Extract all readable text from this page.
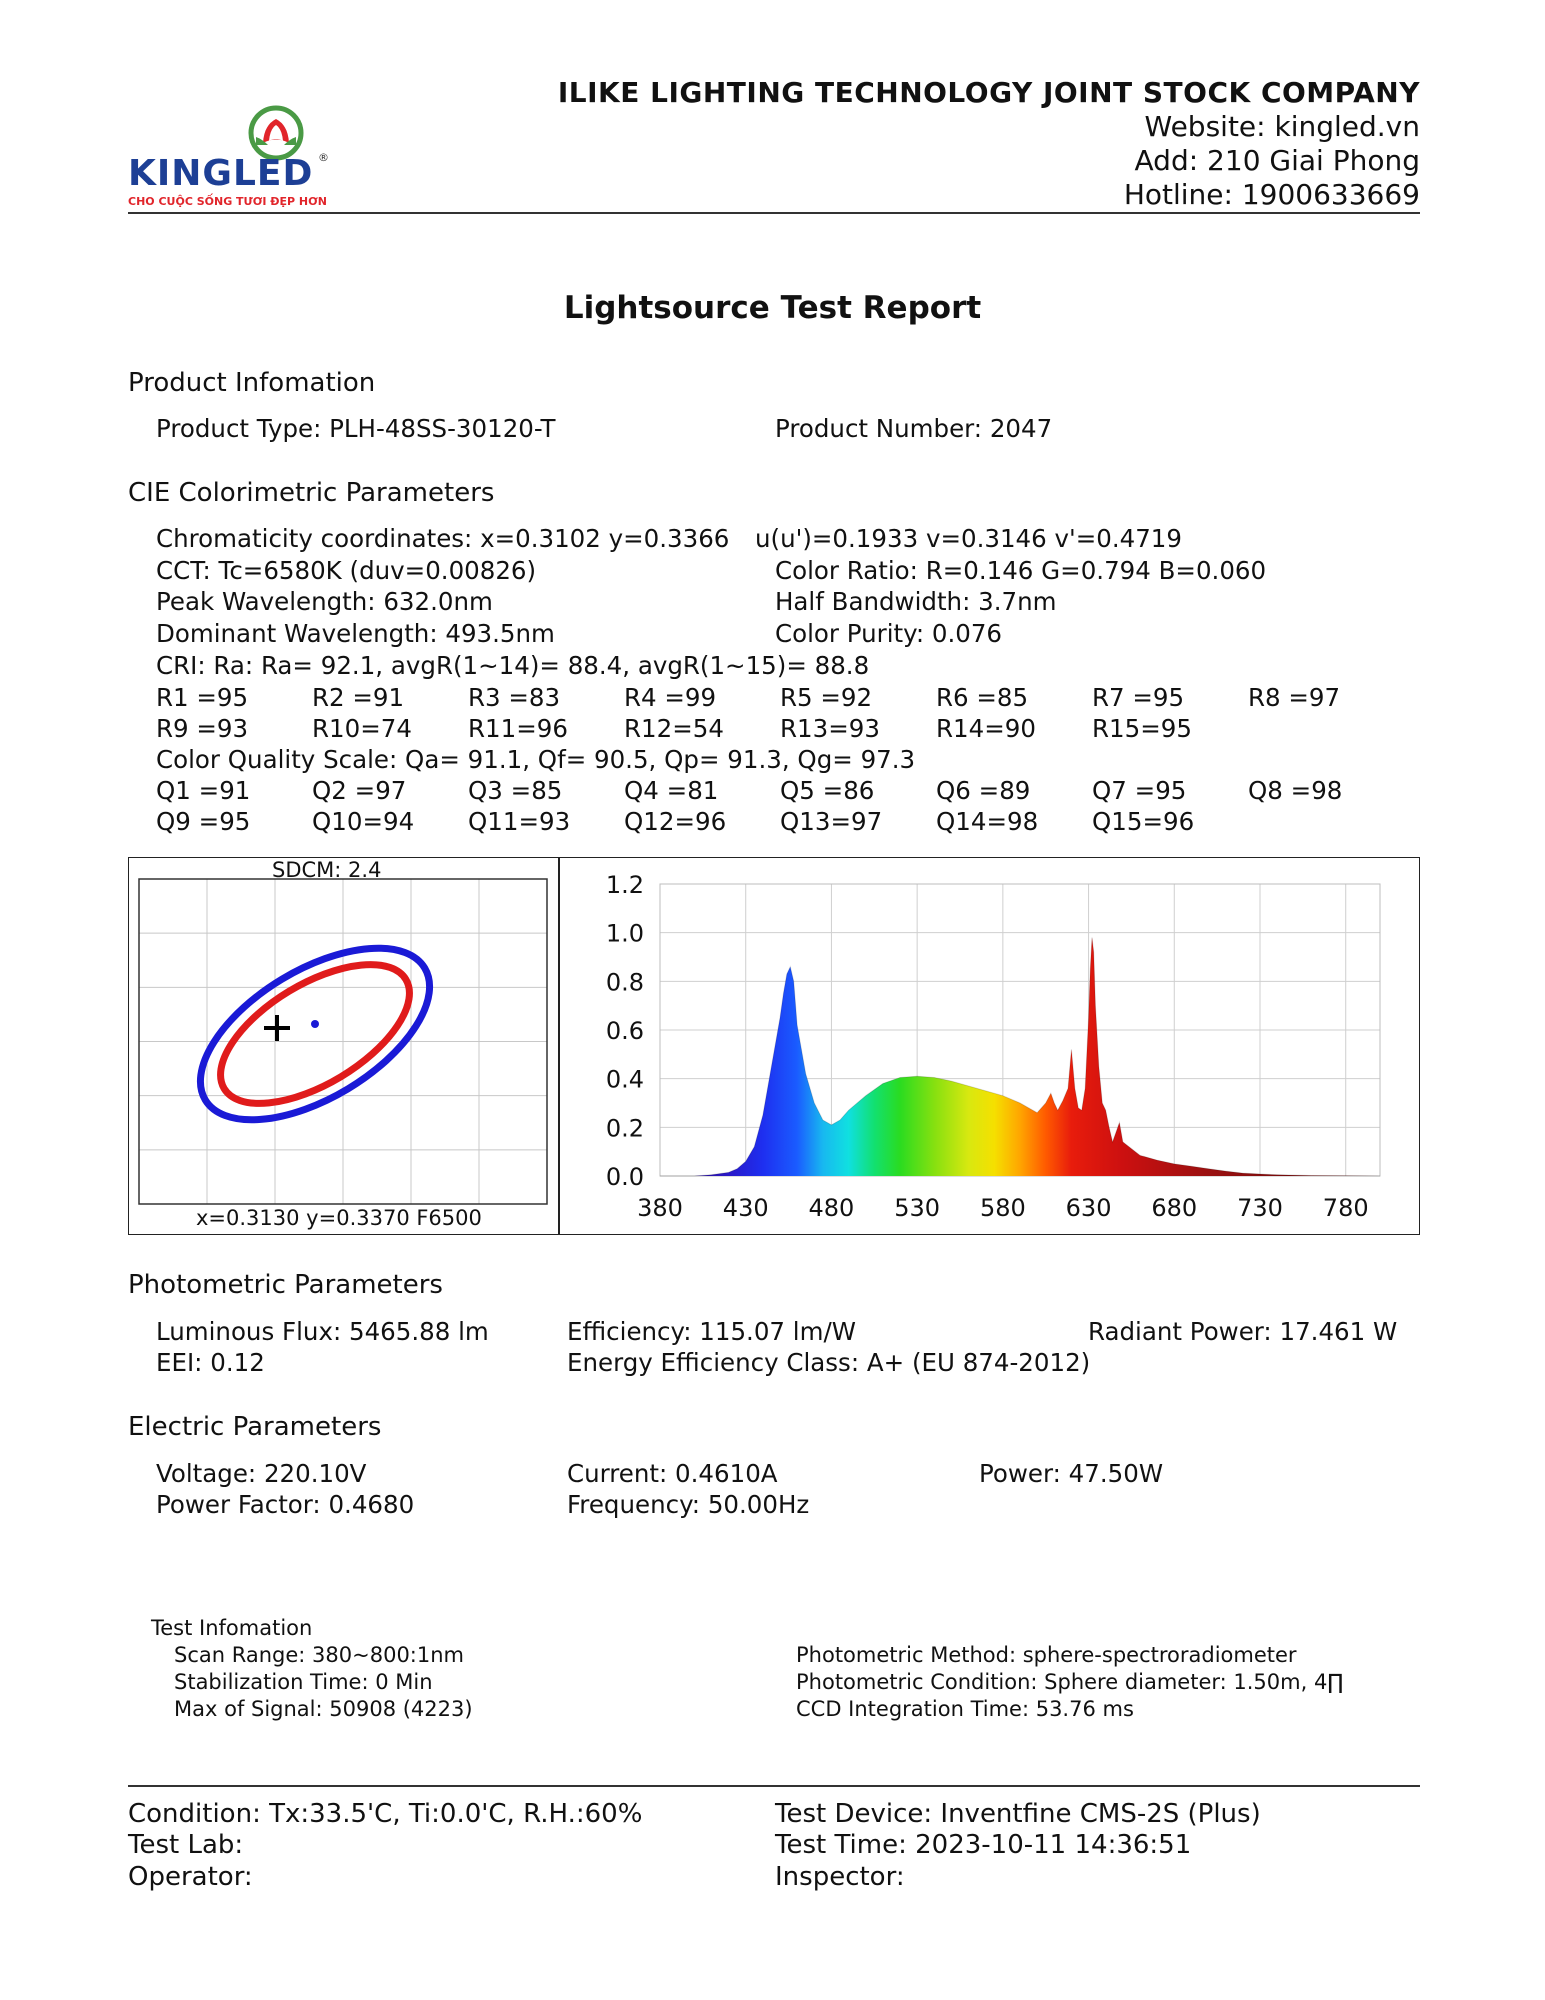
KINGLED ®
CHO CUỘC SỐNG TƯƠI ĐẸP HƠN
ILIKE LIGHTING TECHNOLOGY JOINT STOCK COMPANY
Website: kingled.vn
Add: 210 Giai Phong
Hotline: 1900633669
Lightsource Test Report
Product Infomation
Product Type: PLH-48SS-30120-T	Product Number: 2047
CIE Colorimetric Parameters
Chromaticity coordinates: x=0.3102 y=0.3366 u(u')=0.1933 v=0.3146 v'=0.4719
CCT: Tc=6580K (duv=0.00826)	Color Ratio: R=0.146 G=0.794 B=0.060
Peak Wavelength: 632.0nm	Half Bandwidth: 3.7nm
Dominant Wavelength: 493.5nm	Color Purity: 0.076
CRI: Ra: Ra= 92.1, avgR(1~14)= 88.4, avgR(1~15)= 88.8
R1 =95	R2 =91	R3 =83	R4 =99	R5 =92	R6 =85	R7 =95	R8 =97
R9 =93	R10=74 R11=96 R12=54 R13=93 R14=90 R15=95
Color Quality Scale: Qa= 91.1, Qf= 90.5, Qp= 91.3, Qg= 97.3
Q1 =91	Q2 =97	Q3 =85	Q4 =81	Q5 =86	Q6 =89	Q7 =95	Q8 =98
Q9 =95	Q10=94 Q11=93 Q12=96 Q13=97 Q14=98 Q15=96
SDCM: 2.4
x=0.3130 y=0.3370 F6500	380 430 480 530 580 630 680 730 780
1.2
1.0
0.8
0.6
0.4
0.2
0.0
Photometric Parameters
Luminous Flux: 5465.88 lm	Efficiency: 115.07 lm/W	Radiant Power: 17.461 W
EEI: 0.12	Energy Efficiency Class: A+ (EU 874-2012)
Electric Parameters
Voltage: 220.10V	Current: 0.4610A	Power: 47.50W
Power Factor: 0.4680	Frequency: 50.00Hz
Test Infomation
Scan Range: 380~800:1nm
Stabilization Time: 0 Min
Max of Signal: 50908 (4223)
Photometric Method: sphere-spectroradiometer
Photometric Condition: Sphere diameter: 1.50m, 4∏
CCD Integration Time: 53.76 ms
Condition: Tx:33.5'C, Ti:0.0'C, R.H.:60%
Test Lab:
Operator:
Test Device: Inventfine CMS-2S (Plus)
Test Time: 2023-10-11 14:36:51
Inspector:
